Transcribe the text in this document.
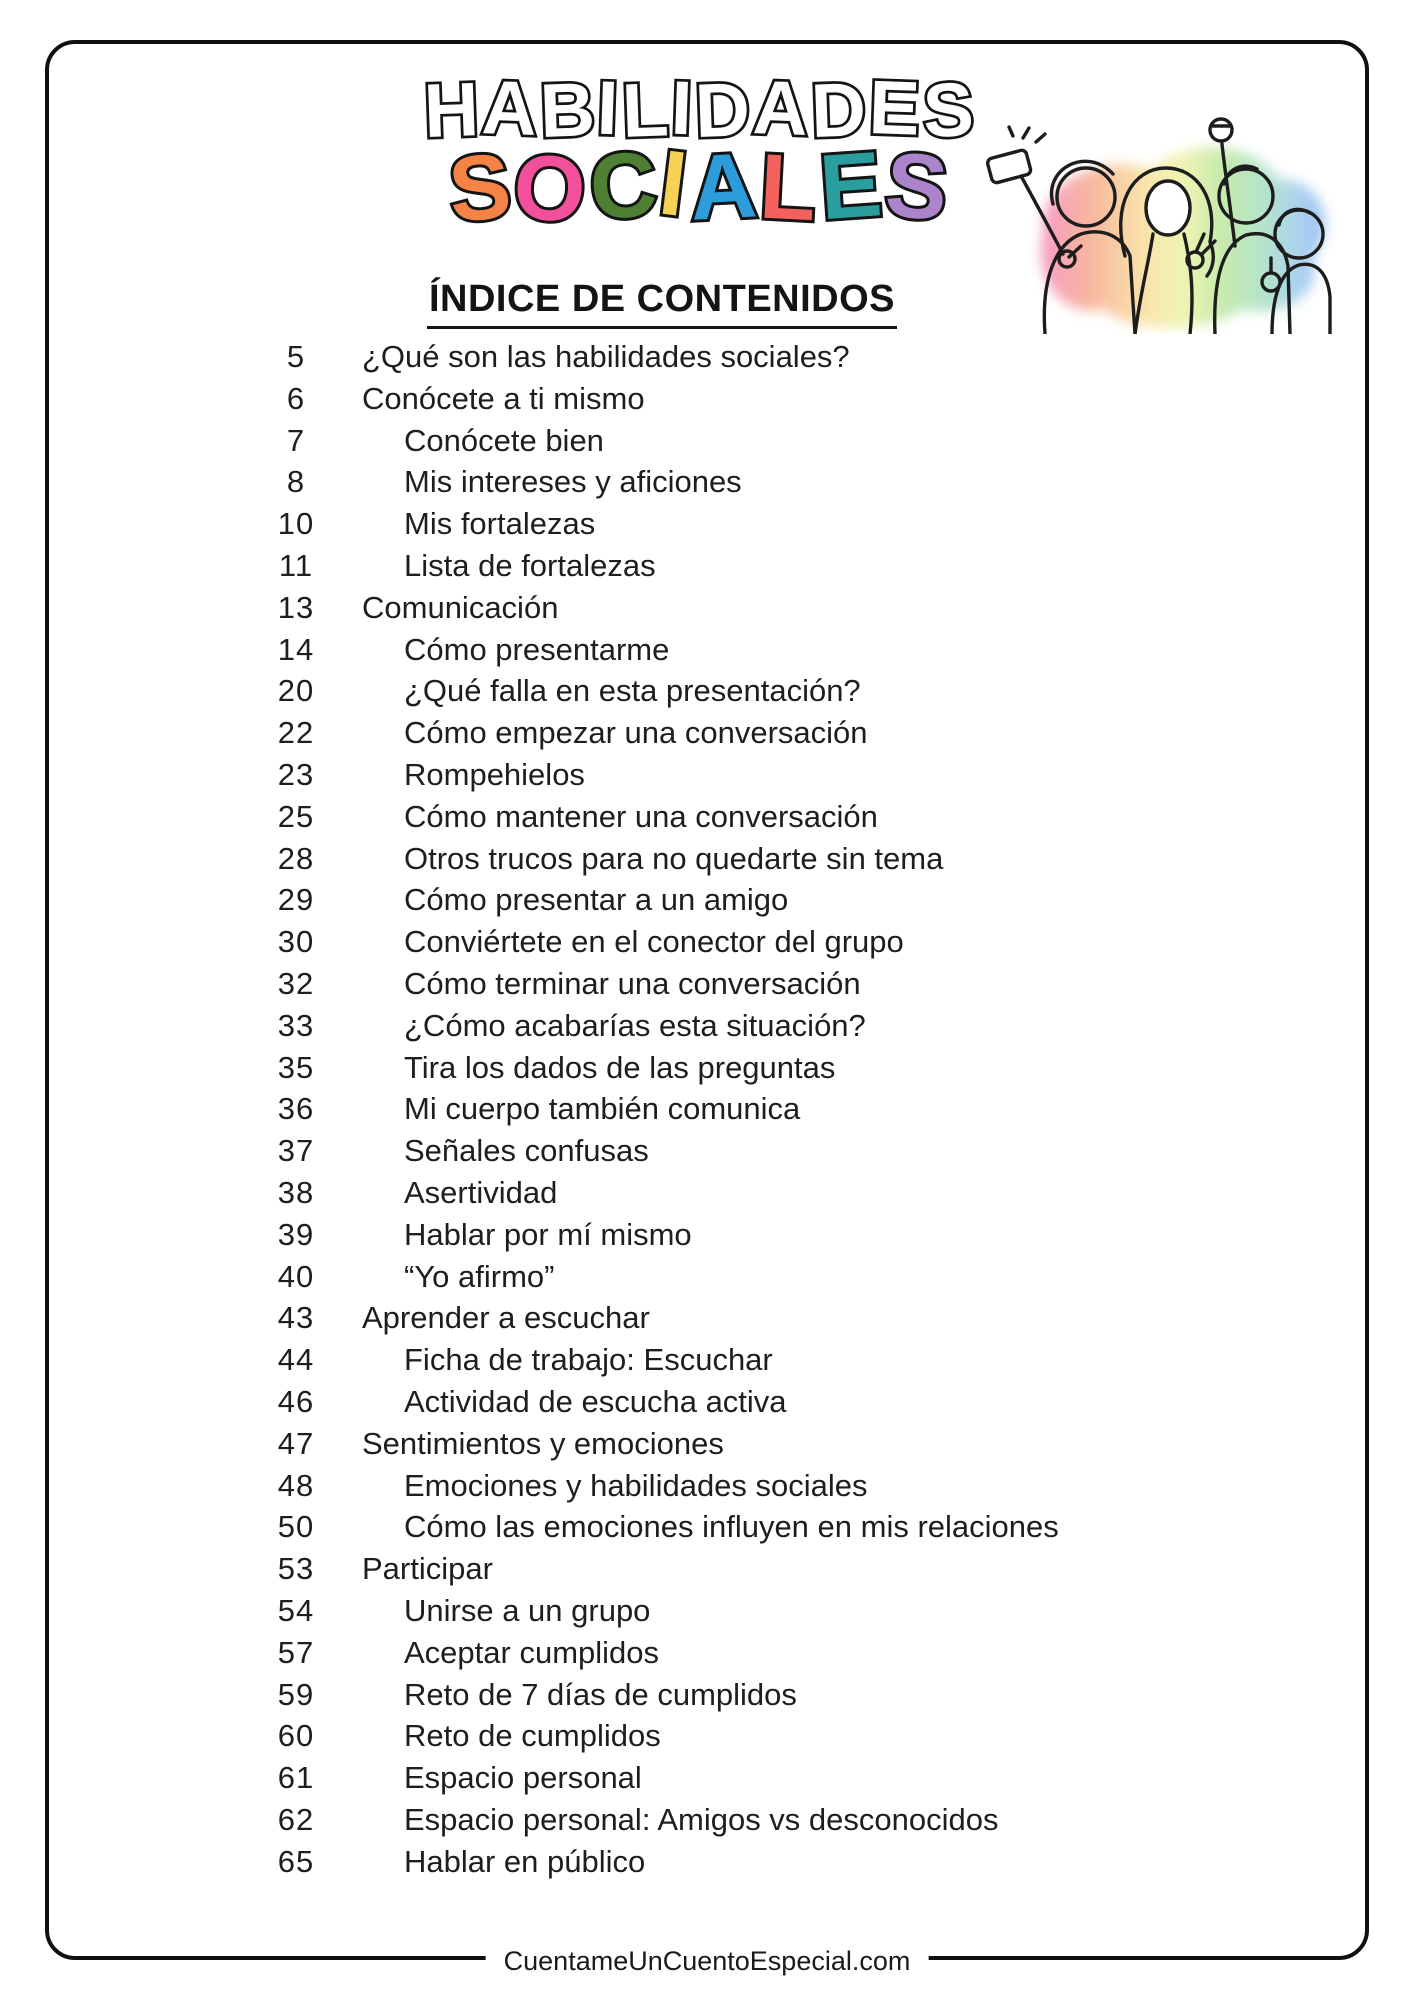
HABILIDADES
SOCIALES
ÍNDICE DE CONTENIDOS
5	¿Qué son las habilidades sociales?
6	Conócete a ti mismo
7	Conócete bien
8	Mis intereses y aficiones
10	Mis fortalezas
11	Lista de fortalezas
13	Comunicación
14	Cómo presentarme
20	¿Qué falla en esta presentación?
22	Cómo empezar una conversación
23	Rompehielos
25	Cómo mantener una conversación
28	Otros trucos para no quedarte sin tema
29	Cómo presentar a un amigo
30	Conviértete en el conector del grupo
32	Cómo terminar una conversación
33	¿Cómo acabarías esta situación?
35	Tira los dados de las preguntas
36	Mi cuerpo también comunica
37	Señales confusas
38	Asertividad
39	Hablar por mí mismo
40	“Yo afirmo”
43	Aprender a escuchar
44	Ficha de trabajo: Escuchar
46	Actividad de escucha activa
47	Sentimientos y emociones
48	Emociones y habilidades sociales
50	Cómo las emociones influyen en mis relaciones
53	Participar
54	Unirse a un grupo
57	Aceptar cumplidos
59	Reto de 7 días de cumplidos
60	Reto de cumplidos
61	Espacio personal
62	Espacio personal: Amigos vs desconocidos
65	Hablar en público
CuentameUnCuentoEspecial.com
